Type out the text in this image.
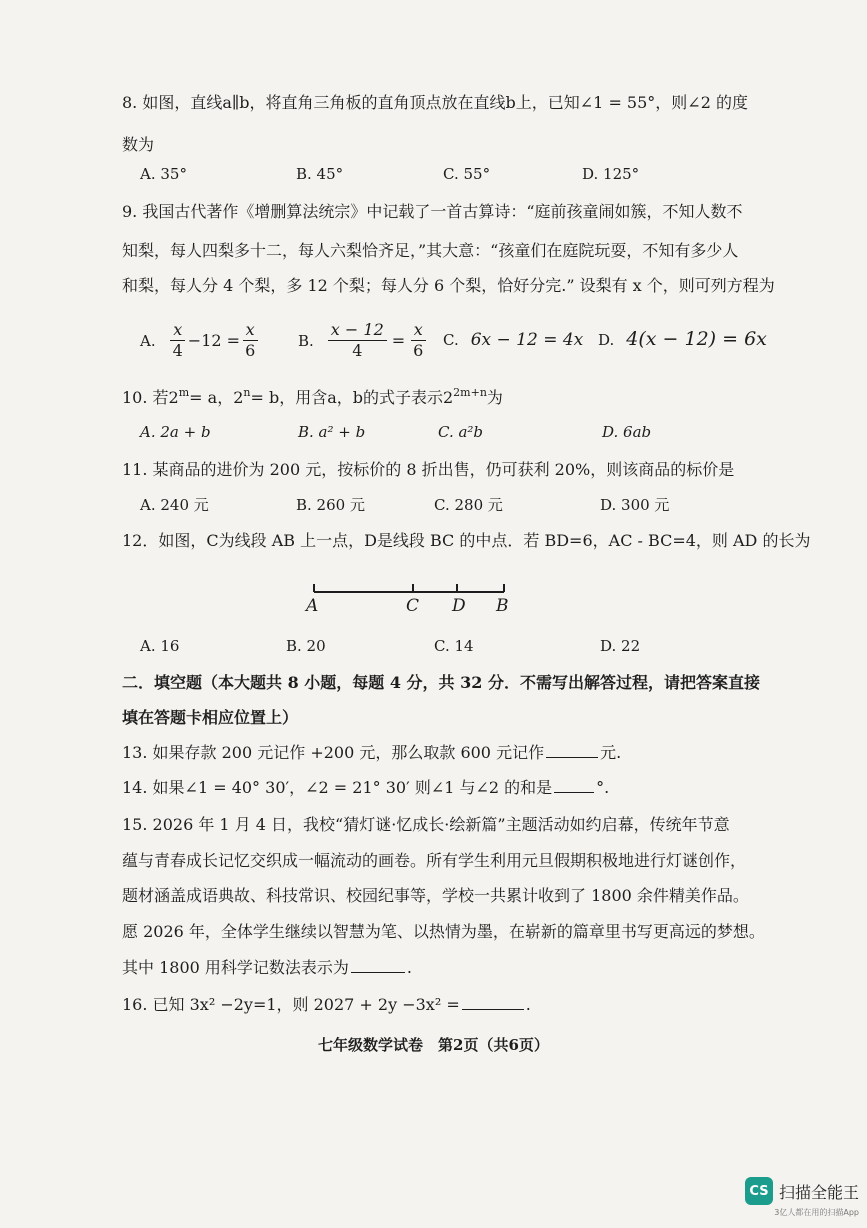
8. 如图，直线a∥b，将直角三角板的直角顶点放在直线b上，已知∠1 = 55°，则∠2 的度
数为
A. 35°	B. 45°	C. 55°	D. 125°
9. 我国古代著作《增删算法统宗》中记载了一首古算诗：“庭前孩童闹如簇，不知人数不
知梨，每人四梨多十二，每人六梨恰齐足，”其大意：“孩童们在庭院玩耍，不知有多少人
和梨，每人分 4 个梨，多 12 个梨；每人分 6 个梨，恰好分完.” 设梨有 x 个，则可列方程为
A. $\frac{x}{4} -12 = \frac{x}{6}$	B. $\frac{x - 12}{4} = \frac{x}{6} C$. 6x − 12 = 4x D. 4(x − 12) = 6x
10. 若$2^m= a$，$2^n= b$，用含a，b的式子表示$2^{2m+n}$为
A. 2a + b	B. a² + b	C. a²b	D. 6ab
11. 某商品的进价为 200 元，按标价的 8 折出售，仍可获利 20%，则该商品的标价是
A. 240 元	B. 260 元	C. 280 元	D. 300 元
12．如图，C为线段 AB 上一点，D是线段 BC 的中点．若 BD=6，AC - BC=4，则 AD 的长为
A	C D B
A. 16	B. 20	C. 14	D. 22
二．填空题（本大题共 8 小题，每题 4 分，共 32 分．不需写出解答过程，请把答案直接
填在答题卡相应位置上）
13. 如果存款 200 元记作 +200 元，那么取款 600 元记作	元.
14. 如果∠1 = 40° 30′，∠2 = 21° 30′ 则∠1 与∠2 的和是	°.
15. 2026 年 1 月 4 日，我校“猜灯谜·忆成长·绘新篇”主题活动如约启幕，传统年节意
蕴与青春成长记忆交织成一幅流动的画卷。所有学生利用元旦假期积极地进行灯谜创作，
题材涵盖成语典故、科技常识、校园纪事等，学校一共累计收到了 1800 余件精美作品。
愿 2026 年，全体学生继续以智慧为笔、以热情为墨，在崭新的篇章里书写更高远的梦想。
其中 1800 用科学记数法表示为	.
16. 已知 3x² −2y=1，则 2027 + 2y −3x² =	.
七年级数学试卷　第2页（共6页）
CS 扫描全能王
3亿人都在用的扫描App
